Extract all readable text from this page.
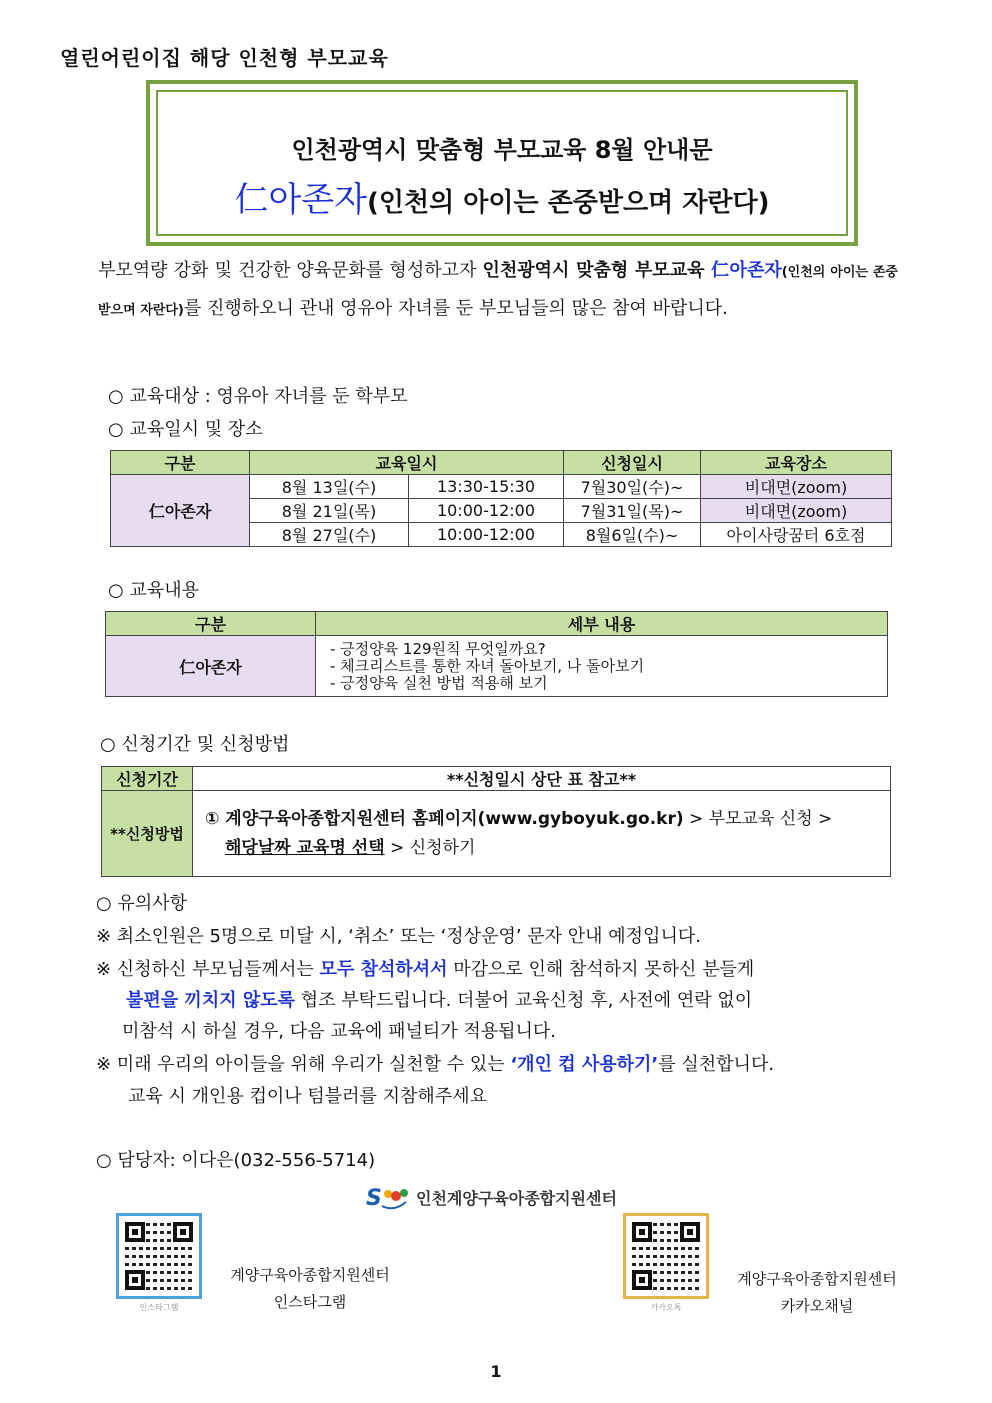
열린어린이집 해당 인천형 부모교육
인천광역시 맞춤형 부모교육 8월 안내문
仁아존자(인천의 아이는 존중받으며 자란다)
부모역량 강화 및 건강한 양육문화를 형성하고자 인천광역시 맞춤형 부모교육 仁아존자(인천의 아이는 존중받으며 자란다)를 진행하오니 관내 영유아 자녀를 둔 부모님들의 많은 참여 바랍니다.
○ 교육대상 : 영유아 자녀를 둔 학부모
○ 교육일시 및 장소
구분	교육일시		신청일시	교육장소
仁아존자	8월 13일(수)	13:30-15:30	7월30일(수)~	비대면(zoom)
	8월 21일(목)	10:00-12:00	7월31일(목)~	비대면(zoom)
	8월 27일(수)	10:00-12:00	8월6일(수)~	아이사랑꿈터 6호점
○ 교육내용
구분	세부 내용
仁아존자	- 긍정양육 129원칙 무엇일까요?
- 체크리스트를 통한 자녀 돌아보기, 나 돌아보기
- 긍정양육 실천 방법 적용해 보기
○ 신청기간 및 신청방법
신청기간	**신청일시 상단 표 참고**
**신청방법	① 계양구육아종합지원센터 홈페이지(www.gyboyuk.go.kr) > 부모교육 신청 >
해당날짜 교육명 선택 > 신청하기
○ 유의사항
※ 최소인원은 5명으로 미달 시, ‘취소’ 또는 ‘정상운영’ 문자 안내 예정입니다.
※ 신청하신 부모님들께서는 모두 참석하셔서 마감으로 인해 참석하지 못하신 분들게
불편을 끼치지 않도록 협조 부탁드립니다. 더불어 교육신청 후, 사전에 연락 없이
미참석 시 하실 경우, 다음 교육에 패널티가 적용됩니다.
※ 미래 우리의 아이들을 위해 우리가 실천할 수 있는 ‘개인 컵 사용하기’를 실천합니다.
교육 시 개인용 컵이나 텀블러를 지참해주세요
○ 담당자: 이다은(032-556-5714)
S 인천계양구육아종합지원센터
인스타그램
계양구육아종합지원센터
인스타그램	카카오톡
계양구육아종합지원센터
카카오채널
1
